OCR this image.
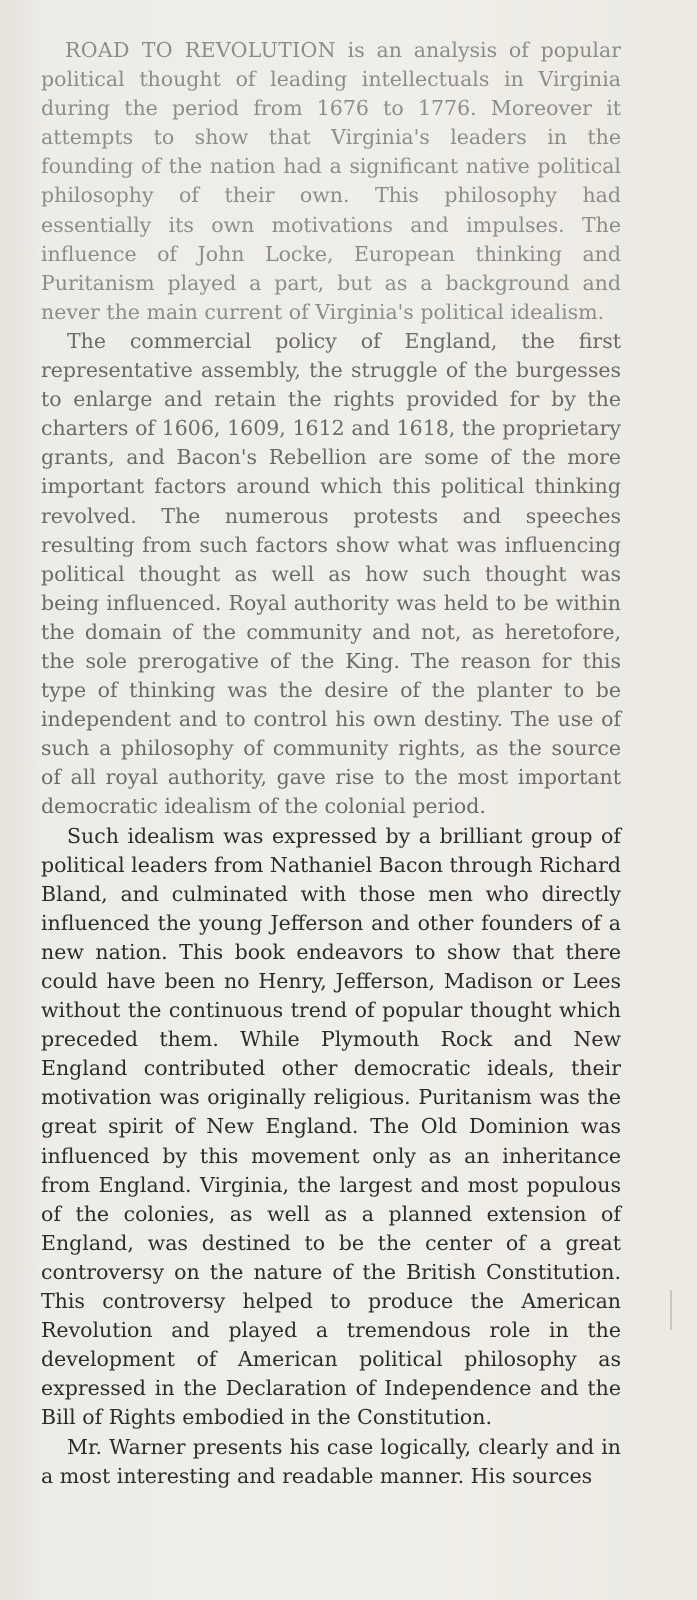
ROAD TO REVOLUTION is an analysis of popular political thought of leading intellectuals in Virginia during the period from 1676 to 1776. Moreover it attempts to show that Virginia's leaders in the founding of the nation had a significant native political philosophy of their own. This philosophy had essentially its own motivations and impulses. The influence of John Locke, European thinking and Puritanism played a part, but as a background and never the main current of Virginia's political idealism.

The commercial policy of England, the first representative assembly, the struggle of the burgesses to enlarge and retain the rights provided for by the charters of 1606, 1609, 1612 and 1618, the proprietary grants, and Bacon's Rebellion are some of the more important factors around which this political thinking revolved. The numerous protests and speeches resulting from such factors show what was influencing political thought as well as how such thought was being influenced. Royal authority was held to be within the domain of the community and not, as heretofore, the sole prerogative of the King. The reason for this type of thinking was the desire of the planter to be independent and to control his own destiny. The use of such a philosophy of community rights, as the source of all royal authority, gave rise to the most important democratic idealism of the colonial period.

Such idealism was expressed by a brilliant group of political leaders from Nathaniel Bacon through Richard Bland, and culminated with those men who directly influenced the young Jefferson and other founders of a new nation. This book endeavors to show that there could have been no Henry, Jefferson, Madison or Lees without the continuous trend of popular thought which preceded them. While Plymouth Rock and New England contributed other democratic ideals, their motivation was originally religious. Puritanism was the great spirit of New England. The Old Dominion was influenced by this movement only as an inheritance from England. Virginia, the largest and most populous of the colonies, as well as a planned extension of England, was destined to be the center of a great controversy on the nature of the British Constitution. This controversy helped to produce the American Revolution and played a tremendous role in the development of American political philosophy as expressed in the Declaration of Independence and the Bill of Rights embodied in the Constitution.

Mr. Warner presents his case logically, clearly and in a most interesting and readable manner. His sources
